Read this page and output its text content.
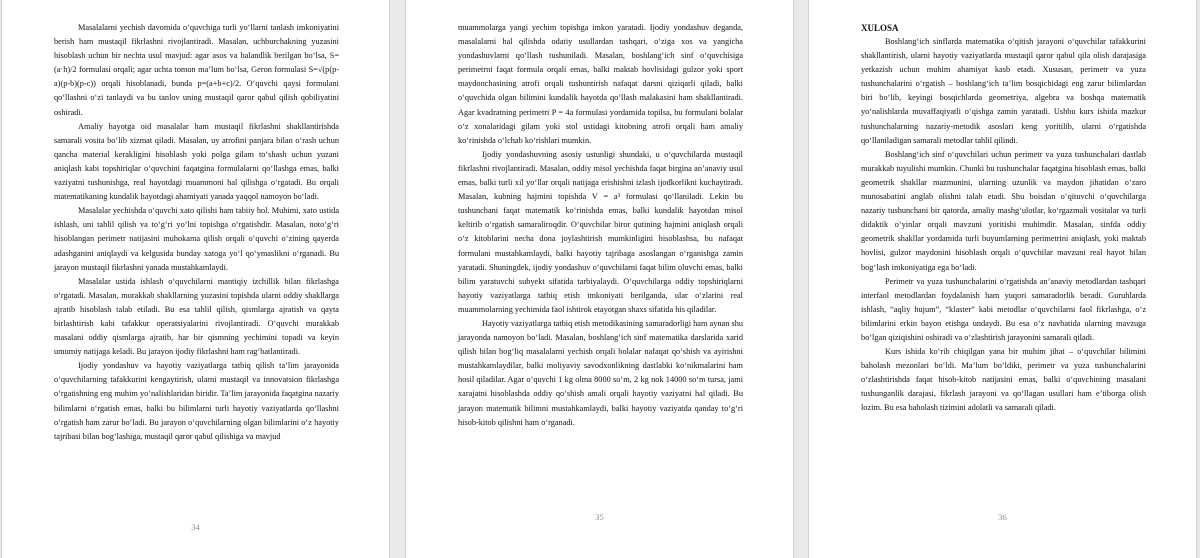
Masalalarni yechish davomida o‘quvchiga turli yo‘llarni tanlash imkoniyatini berish ham mustaqil fikrlashni rivojlantiradi. Masalan, uchburchakning yuzasini hisoblash uchun bir nechta usul mavjud: agar asos va balandlik berilgan bo‘lsa, S=(a·h)/2 formulasi orqali; agar uchta tomon ma’lum bo‘lsa, Geron formulasi S=√(p(p-a)(p-b)(p-c)) orqali hisoblanadi, bunda p=(a+b+c)/2. O‘quvchi qaysi formulani qo‘llashni o‘zi tanlaydi va bu tanlov uning mustaqil qaror qabul qilish qobiliyatini oshiradi.

Amaliy hayotga oid masalalar ham mustaqil fikrlashni shakllantirishda samarali vosita bo‘lib xizmat qiladi. Masalan, uy atrofini panjara bilan o‘rash uchun qancha material kerakligini hisoblash yoki polga gilam to‘shash uchun yuzani aniqlash kabi topshiriqlar o‘quvchini faqatgina formulalarni qo‘llashga emas, balki vaziyatni tushunishga, real hayotdagi muammoni hal qilishga o‘rgatadi. Bu orqali matematikaning kundalik hayotdagi ahamiyati yanada yaqqol namoyon bo‘ladi.

Masalalar yechishda o‘quvchi xato qilishi ham tabiiy hol. Muhimi, xato ustida ishlash, uni tahlil qilish va to‘g‘ri yo‘lni topishga o‘rgatishdir. Masalan, noto‘g‘ri hisoblangan perimetr natijasini muhokama qilish orqali o‘quvchi o‘zining qayerda adashganini aniqlaydi va kelgusida bunday xatoga yo‘l qo‘ymaslikni o‘rganadi. Bu jarayon mustaqil fikrlashni yanada mustahkamlaydi.

Masalalar ustida ishlash o‘quvchilarni mantiqiy izchillik bilan fikrlashga o‘rgatadi. Masalan, murakkab shakllarning yuzasini topishda ularni oddiy shakllarga ajratib hisoblash talab etiladi. Bu esa tahlil qilish, qismlarga ajratish va qayta birlashtirish kabi tafakkur operatsiyalarini rivojlantiradi. O‘quvchi murakkab masalani oddiy qismlarga ajratib, har bir qismning yechimini topadi va keyin umumiy natijaga keladi. Bu jarayon ijodiy fikrlashni ham rag‘batlantiradi.

Ijodiy yondashuv va hayotiy vaziyatlarga tatbiq qilish ta’lim jarayonida o‘quvchilarning tafakkurini kengaytirish, ularni mustaqil va innovatsion fikrlashga o‘rgatishning eng muhim yo‘nalishlaridan biridir. Ta’lim jarayonida faqatgina nazariy bilimlarni o‘rgatish emas, balki bu bilimlarni turli hayotiy vaziyatlarda qo‘llashni o‘rgatish ham zarur bo‘ladi. Bu jarayon o‘quvchilarning olgan bilimlarini o‘z hayotiy tajribasi bilan bog‘lashiga, mustaqil qaror qabul qilishiga va mavjud

34

muammolarga yangi yechim topishga imkon yaratadi. Ijodiy yondashuv deganda, masalalarni hal qilishda odatiy usullardan tashqari, o‘ziga xos va yangicha yondashuvlarni qo‘llash tushuniladi. Masalan, boshlang‘ich sinf o‘quvchisiga perimetrni faqat formula orqali emas, balki maktab hovlisidagi gulzor yoki sport maydonchasining atrofi orqali tushuntirish nafaqat darsni qiziqarli qiladi, balki o‘quvchida olgan bilimini kundalik hayotda qo‘llash malakasini ham shakllantiradi. Agar kvadratning perimetri P = 4a formulasi yordamida topilsa, bu formulani bolalar o‘z xonalaridagi gilam yoki stol ustidagi kitobning atrofi orqali ham amaliy ko‘rinishda o‘lchab ko‘rishlari mumkin.

Ijodiy yondashuvning asosiy ustunligi shundaki, u o‘quvchilarda mustaqil fikrlashni rivojlantiradi. Masalan, oddiy misol yechishda faqat birgina an’anaviy usul emas, balki turli xil yo‘llar orqali natijaga erishishni izlash ijodkorlikni kuchaytiradi. Masalan, kubning hajmini topishda V = a³ formulasi qo‘llaniladi. Lekin bu tushunchani faqat matematik ko‘rinishda emas, balki kundalik hayotdan misol keltirib o‘rgatish samaraliroqdir. O‘quvchilar biror qutining hajmini aniqlash orqali o‘z kitoblarini necha dona joylashtirish mumkinligini hisoblashsa, bu nafaqat formulani mustahkamlaydi, balki hayotiy tajribaga asoslangan o‘rganishga zamin yaratadi. Shuningdek, ijodiy yondashuv o‘quvchilarni faqat bilim oluvchi emas, balki bilim yaratuvchi subyekt sifatida tarbiyalaydi. O‘quvchilarga oddiy topshiriqlarni hayotiy vaziyatlarga tatbiq etish imkoniyati berilganda, ular o‘zlarini real muammolarning yechimida faol ishtirok etayotgan shaxs sifatida his qiladilar.

Hayotiy vaziyatlarga tatbiq etish metodikasining samaradorligi ham aynan shu jarayonda namoyon bo‘ladi. Masalan, boshlang‘ich sinf matematika darslarida xarid qilish bilan bog‘liq masalalarni yechish orqali bolalar nafaqat qo‘shish va ayirishni mustahkamlaydilar, balki moliyaviy savodxonlikning dastlabki ko‘nikmalarini ham hosil qiladilar. Agar o‘quvchi 1 kg olma 8000 so‘m, 2 kg nok 14000 so‘m tursa, jami xarajatni hisoblashda oddiy qo‘shish amali orqali hayotiy vaziyatni hal qiladi. Bu jarayon matematik bilimni mustahkamlaydi, balki hayotiy vaziyatda qanday to‘g‘ri hisob-kitob qilishni ham o‘rganadi.

35

XULOSA

Boshlang‘ich sinflarda matematika o‘qitish jarayoni o‘quvchilar tafakkurini shakllantirish, ularni hayotiy vaziyatlarda mustaqil qaror qabul qila olish darajasiga yetkazish uchun muhim ahamiyat kasb etadi. Xususan, perimetr va yuza tushunchalarini o‘rgatish – boshlang‘ich ta’lim bosqichidagi eng zarur bilimlardan biri bo‘lib, keyingi bosqichlarda geometriya, algebra va boshqa matematik yo‘nalishlarda muvaffaqiyatli o‘qishga zamin yaratadi. Ushbu kurs ishida mazkur tushunchalarning nazariy-metodik asoslari keng yoritilib, ularni o‘rgatishda qo‘llaniladigan samarali metodlar tahlil qilindi.

Boshlang‘ich sinf o‘quvchilari uchun perimetr va yuza tushunchalari dastlab murakkab tuyulishi mumkin. Chunki bu tushunchalar faqatgina hisoblash emas, balki geometrik shakllar mazmunini, ularning uzunlik va maydon jihatidan o‘zaro munosabatini anglab olishni talab etadi. Shu boisdan o‘qituvchi o‘quvchilarga nazariy tushunchani bir qatorda, amaliy mashg‘ulotlar, ko‘rgazmali vositalar va turli didaktik o‘yinlar orqali mavzuni yoritishi muhimdir. Masalan, sinfda oddiy geometrik shakllar yordamida turli buyumlarning perimetrini aniqlash, yoki maktab hovlisi, gulzor maydonini hisoblash orqali o‘quvchilar mavzuni real hayot bilan bog‘lash imkoniyatiga ega bo‘ladi.

Perimetr va yuza tushunchalarini o‘rgatishda an’anaviy metodlardan tashqari interfaol metodlardan foydalanish ham yuqori samaradorlik beradi. Guruhlarda ishlash, “aqliy hujum”, “klaster” kabi metodlar o‘quvchilarni faol fikrlashga, o‘z bilimlarini erkin bayon etishga undaydi. Bu esa o‘z navbatida ularning mavzuga bo‘lgan qiziqishini oshiradi va o‘zlashtirish jarayonini samarali qiladi.

Kurs ishida ko‘rib chiqilgan yana bir muhim jihat – o‘quvchilar bilimini baholash mezonlari bo‘ldi. Ma’lum bo‘ldiki, perimetr va yuza tushunchalarini o‘zlashtirishda faqat hisob-kitob natijasini emas, balki o‘quvchining masalani tushunganlik darajasi, fikrlash jarayoni va qo‘llagan usullari ham e’tiborga olish lozim. Bu esa baholash tizimini adolatli va samarali qiladi.

36
